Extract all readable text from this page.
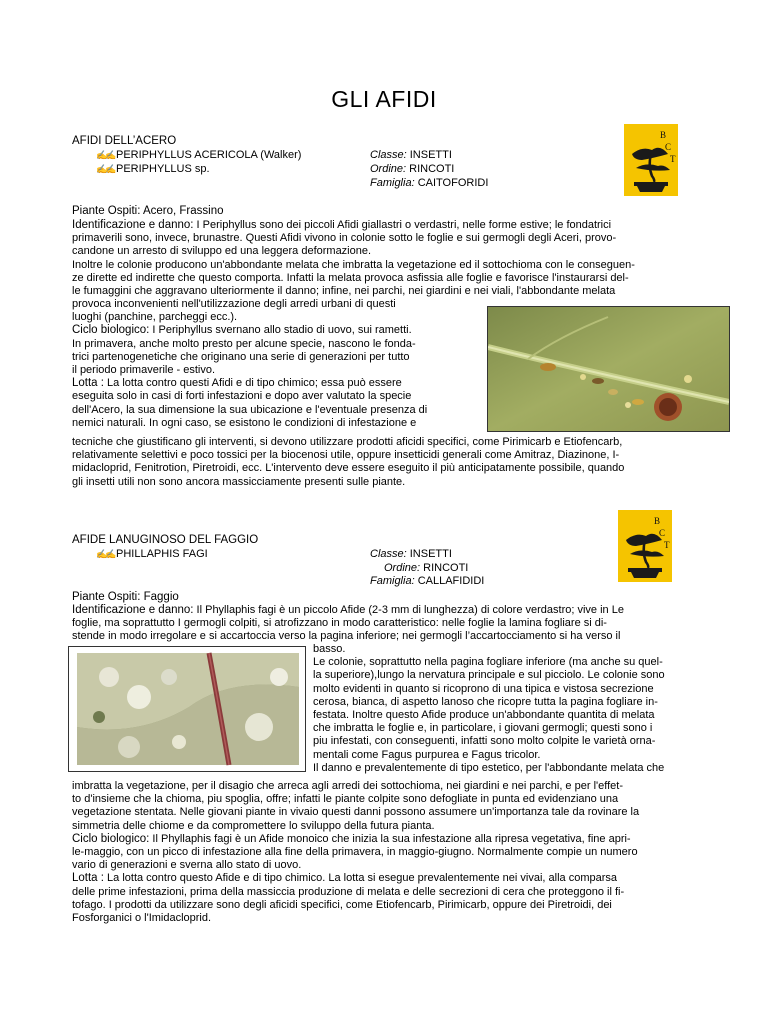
GLI AFIDI
AFIDI DELL’ACERO
✍✍ PERIPHYLLUS ACERICOLA (Walker)
✍✍ PERIPHYLLUS sp.
Classe: INSETTI
Ordine: RINCOTI
Famiglia: CAITOFORIDI
B
C
T
Piante Ospiti: Acero, Frassino
Identificazione e danno: I Periphyllus sono dei piccoli Afidi giallastri o verdastri, nelle forme estive; le fondatrici
primaverili sono, invece, brunastre. Questi Afidi vivono in colonie sotto le foglie e sui germogli degli Aceri, provo-
candone un arresto di sviluppo ed una leggera deformazione.
Inoltre le colonie producono un'abbondante melata che imbratta la vegetazione ed il sottochioma con le conseguen-
ze dirette ed indirette che questo comporta. Infatti la melata provoca asfissia alle foglie e favorisce l'instaurarsi del-
le fumaggini che aggravano ulteriormente il danno; infine, nei parchi, nei giardini e nei viali, l'abbondante melata
provoca inconvenienti nell'utilizzazione degli arredi urbani di questi
luoghi (panchine, parcheggi ecc.).
Ciclo biologico: I Periphyllus svernano allo stadio di uovo, sui rametti.
In primavera, anche molto presto per alcune specie, nascono le fonda-
trici partenogenetiche che originano una serie di generazioni per tutto
il periodo primaverile - estivo.
Lotta : La lotta contro questi Afidi e di tipo chimico; essa può essere
eseguita solo in casi di forti infestazioni e dopo aver valutato la specie
dell'Acero, la sua dimensione la sua ubicazione e l'eventuale presenza di
nemici naturali. In ogni caso, se esistono le condizioni di infestazione e
tecniche che giustificano gli interventi, si devono utilizzare prodotti aficidi specifici, come Pirimicarb e Etiofencarb,
relativamente selettivi e poco tossici per la biocenosi utile, oppure insetticidi generali come Amitraz, Diazinone, I-
midacloprid, Fenitrotion, Piretroidi, ecc. L'intervento deve essere eseguito il più anticipatamente possibile, quando
gli insetti utili non sono ancora massicciamente presenti sulle piante.
B
C
T
AFIDE LANUGINOSO DEL FAGGIO
✍✍ PHILLAPHIS FAGI	Classe: INSETTI
Ordine: RINCOTI
Famiglia: CALLAFIDIDI
Piante Ospiti: Faggio
Identificazione e danno: Il Phyllaphis fagi è un piccolo Afide (2-3 mm di lunghezza) di colore verdastro; vive in Le
foglie, ma soprattutto I germogli colpiti, si atrofizzano in modo caratteristico: nelle foglie la lamina fogliare si di-
stende in modo irregolare e si accartoccia verso la pagina inferiore; nei germogli l’accartocciamento si ha verso il
basso.
Le colonie, soprattutto nella pagina fogliare inferiore (ma anche su quel-
la superiore),lungo la nervatura principale e sul picciolo. Le colonie sono
molto evidenti in quanto si ricoprono di una tipica e vistosa secrezione
cerosa, bianca, di aspetto lanoso che ricopre tutta la pagina fogliare in-
festata. Inoltre questo Afide produce un'abbondante quantita di melata
che imbratta le foglie e, in particolare, i giovani germogli; questi sono i
piu infestati, con conseguenti, infatti sono molto colpite le varietà orna-
mentali come Fagus purpurea e Fagus tricolor.
Il danno e prevalentemente di tipo estetico, per l'abbondante melata che
imbratta la vegetazione, per il disagio che arreca agli arredi dei sottochioma, nei giardini e nei parchi, e per l'effet-
to d'insieme che la chioma, piu spoglia, offre; infatti le piante colpite sono defogliate in punta ed evidenziano una
vegetazione stentata. Nelle giovani piante in vivaio questi danni possono assumere un'importanza tale da rovinare la
simmetria delle chiome e da compromettere lo sviluppo della futura pianta.
Ciclo biologico: Il Phyllaphis fagi è un Afide monoico che inizia la sua infestazione alla ripresa vegetativa, fine apri-
le-maggio, con un picco di infestazione alla fine della primavera, in maggio-giugno. Normalmente compie un numero
vario di generazioni e sverna allo stato di uovo.
Lotta : La lotta contro questo Afide e di tipo chimico. La lotta si esegue prevalentemente nei vivai, alla comparsa
delle prime infestazioni, prima della massiccia produzione di melata e delle secrezioni di cera che proteggono il fi-
tofago. I prodotti da utilizzare sono degli aficidi specifici, come Etiofencarb, Pirimicarb, oppure dei Piretroidi, dei
Fosforganici o l'Imidacloprid.
